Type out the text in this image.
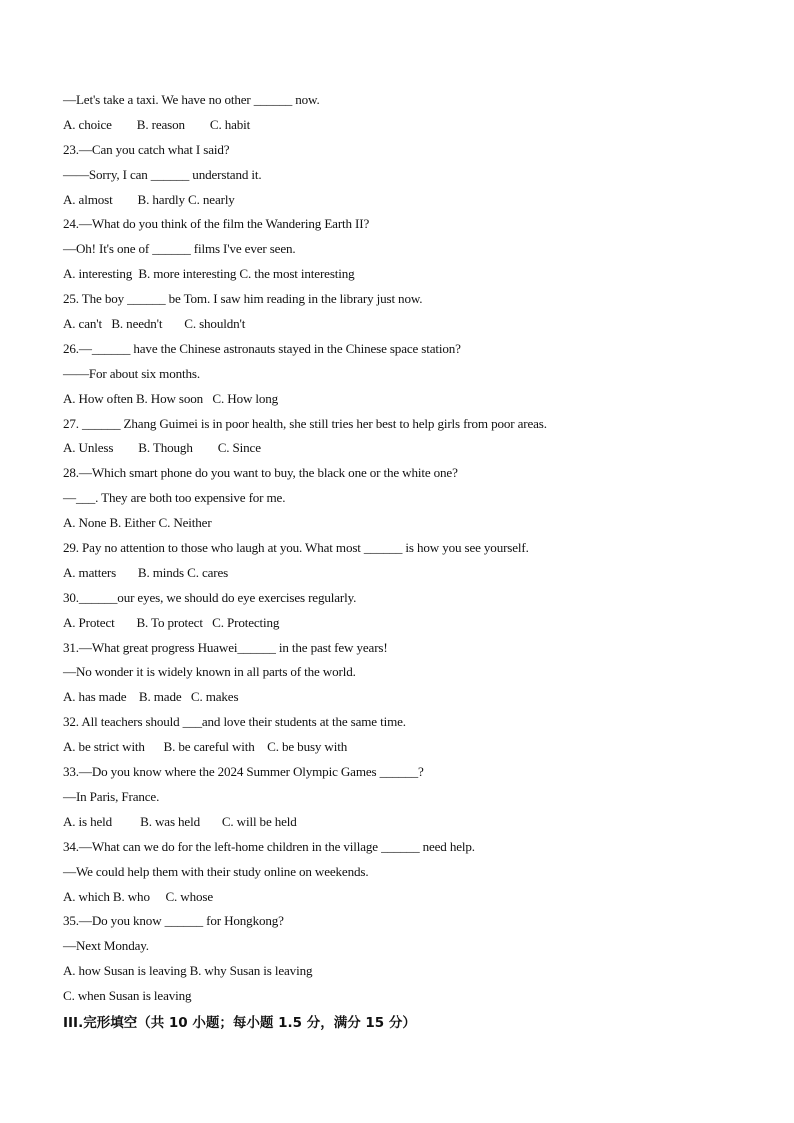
—Let's take a taxi. We have no other ______ now.
A. choice        B. reason        C. habit
23.—Can you catch what I said?
——Sorry, I can ______ understand it.
A. almost        B. hardly C. nearly
24.—What do you think of the film the Wandering Earth II?
—Oh! It's one of ______ films I've ever seen.
A. interesting  B. more interesting C. the most interesting
25. The boy ______ be Tom. I saw him reading in the library just now.
A. can't   B. needn't       C. shouldn't
26.—______ have the Chinese astronauts stayed in the Chinese space station?
——For about six months.
A. How often B. How soon   C. How long
27. ______ Zhang Guimei is in poor health, she still tries her best to help girls from poor areas.
A. Unless        B. Though        C. Since
28.—Which smart phone do you want to buy, the black one or the white one?
—___. They are both too expensive for me.
A. None B. Either C. Neither
29. Pay no attention to those who laugh at you. What most ______ is how you see yourself.
A. matters       B. minds C. cares
30.______our eyes, we should do eye exercises regularly.
A. Protect       B. To protect   C. Protecting
31.—What great progress Huawei______ in the past few years!
—No wonder it is widely known in all parts of the world.
A. has made    B. made   C. makes
32. All teachers should ___and love their students at the same time.
A. be strict with      B. be careful with    C. be busy with
33.—Do you know where the 2024 Summer Olympic Games ______?
—In Paris, France.
A. is held         B. was held       C. will be held
34.—What can we do for the left-home children in the village ______ need help.
—We could help them with their study online on weekends.
A. which B. who     C. whose
35.—Do you know ______ for Hongkong?
—Next Monday.
A. how Susan is leaving B. why Susan is leaving
C. when Susan is leaving
III.完形填空（共 10 小题；每小题 1.5 分，满分 15 分）
